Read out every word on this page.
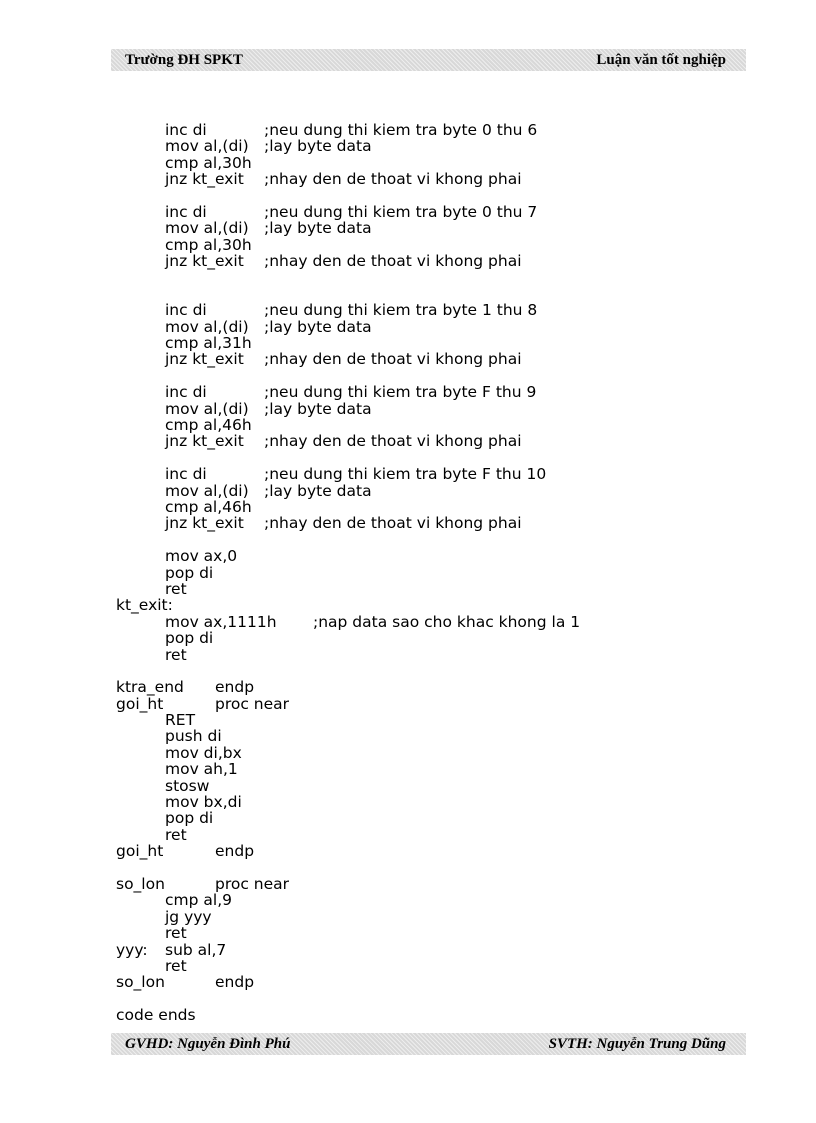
Trường ĐH SPKT	Luận văn tốt nghiệp
inc di	;neu dung thi kiem tra byte 0 thu 6
mov al,(di) ;lay byte data
cmp al,30h
jnz kt_exit ;nhay den de thoat vi khong phai
inc di	;neu dung thi kiem tra byte 0 thu 7
mov al,(di) ;lay byte data
cmp al,30h
jnz kt_exit ;nhay den de thoat vi khong phai
inc di	;neu dung thi kiem tra byte 1 thu 8
mov al,(di) ;lay byte data
cmp al,31h
jnz kt_exit ;nhay den de thoat vi khong phai
inc di	;neu dung thi kiem tra byte F thu 9
mov al,(di) ;lay byte data
cmp al,46h
jnz kt_exit ;nhay den de thoat vi khong phai
inc di	;neu dung thi kiem tra byte F thu 10
mov al,(di) ;lay byte data
cmp al,46h
jnz kt_exit ;nhay den de thoat vi khong phai
mov ax,0
pop di
ret
kt_exit:
mov ax,1111h ;nap data sao cho khac khong la 1
pop di
ret
ktra_end endp
goi_ht	proc near
RET
push di
mov di,bx
mov ah,1
stosw
mov bx,di
pop di
ret
goi_ht	endp
so_lon	proc near
cmp al,9
jg yyy
ret
yyy: sub al,7
ret
so_lon	endp
code ends
GVHD: Nguyễn Đình Phú	SVTH: Nguyễn Trung Dũng
